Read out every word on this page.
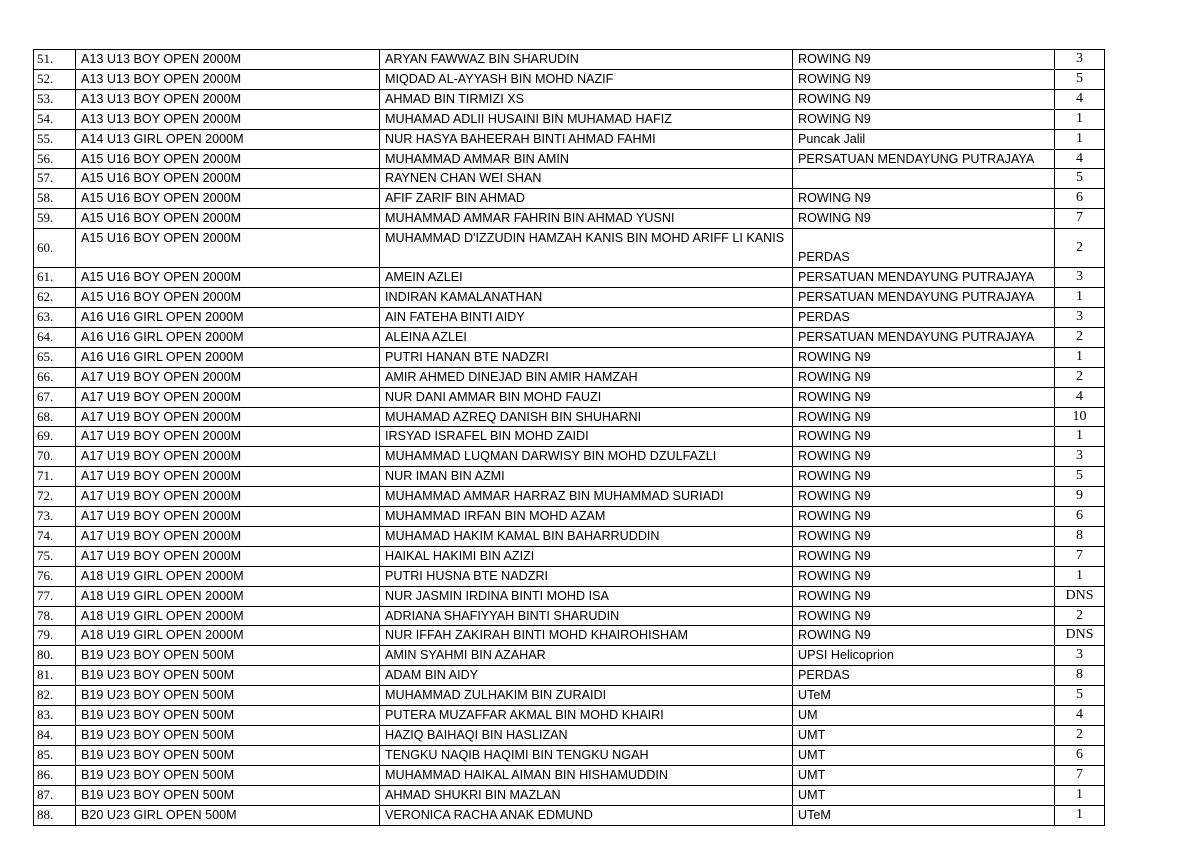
51.	A13 U13 BOY OPEN 2000M	ARYAN FAWWAZ BIN SHARUDIN	ROWING N9	3
52.	A13 U13 BOY OPEN 2000M	MIQDAD AL-AYYASH BIN MOHD NAZIF	ROWING N9	5
53.	A13 U13 BOY OPEN 2000M	AHMAD BIN TIRMIZI XS	ROWING N9	4
54.	A13 U13 BOY OPEN 2000M	MUHAMAD ADLII HUSAINI BIN MUHAMAD HAFIZ	ROWING N9	1
55.	A14 U13 GIRL OPEN 2000M	NUR HASYA BAHEERAH BINTI AHMAD FAHMI	Puncak Jalil	1
56.	A15 U16 BOY OPEN 2000M	MUHAMMAD AMMAR BIN AMIN	PERSATUAN MENDAYUNG PUTRAJAYA	4
57.	A15 U16 BOY OPEN 2000M	RAYNEN CHAN WEI SHAN		5
58.	A15 U16 BOY OPEN 2000M	AFIF ZARIF BIN AHMAD	ROWING N9	6
59.	A15 U16 BOY OPEN 2000M	MUHAMMAD AMMAR FAHRIN BIN AHMAD YUSNI	ROWING N9	7
60.	A15 U16 BOY OPEN 2000M	MUHAMMAD D'IZZUDIN HAMZAH KANIS BIN MOHD ARIFF LI KANIS	PERDAS	2
61.	A15 U16 BOY OPEN 2000M	AMEIN AZLEI	PERSATUAN MENDAYUNG PUTRAJAYA	3
62.	A15 U16 BOY OPEN 2000M	INDIRAN KAMALANATHAN	PERSATUAN MENDAYUNG PUTRAJAYA	1
63.	A16 U16 GIRL OPEN 2000M	AIN FATEHA BINTI AIDY	PERDAS	3
64.	A16 U16 GIRL OPEN 2000M	ALEINA AZLEI	PERSATUAN MENDAYUNG PUTRAJAYA	2
65.	A16 U16 GIRL OPEN 2000M	PUTRI HANAN BTE NADZRI	ROWING N9	1
66.	A17 U19 BOY OPEN 2000M	AMIR AHMED DINEJAD BIN AMIR HAMZAH	ROWING N9	2
67.	A17 U19 BOY OPEN 2000M	NUR DANI AMMAR BIN MOHD FAUZI	ROWING N9	4
68.	A17 U19 BOY OPEN 2000M	MUHAMAD AZREQ DANISH BIN SHUHARNI	ROWING N9	10
69.	A17 U19 BOY OPEN 2000M	IRSYAD ISRAFEL BIN MOHD ZAIDI	ROWING N9	1
70.	A17 U19 BOY OPEN 2000M	MUHAMMAD LUQMAN DARWISY BIN MOHD DZULFAZLI	ROWING N9	3
71.	A17 U19 BOY OPEN 2000M	NUR IMAN BIN AZMI	ROWING N9	5
72.	A17 U19 BOY OPEN 2000M	MUHAMMAD AMMAR HARRAZ BIN MUHAMMAD SURIADI	ROWING N9	9
73.	A17 U19 BOY OPEN 2000M	MUHAMMAD IRFAN BIN MOHD AZAM	ROWING N9	6
74.	A17 U19 BOY OPEN 2000M	MUHAMAD HAKIM KAMAL BIN BAHARRUDDIN	ROWING N9	8
75.	A17 U19 BOY OPEN 2000M	HAIKAL HAKIMI BIN AZIZI	ROWING N9	7
76.	A18 U19 GIRL OPEN 2000M	PUTRI HUSNA BTE NADZRI	ROWING N9	1
77.	A18 U19 GIRL OPEN 2000M	NUR JASMIN IRDINA BINTI MOHD ISA	ROWING N9	DNS
78.	A18 U19 GIRL OPEN 2000M	ADRIANA SHAFIYYAH BINTI SHARUDIN	ROWING N9	2
79.	A18 U19 GIRL OPEN 2000M	NUR IFFAH ZAKIRAH BINTI MOHD KHAIROHISHAM	ROWING N9	DNS
80.	B19 U23 BOY OPEN 500M	AMIN SYAHMI BIN AZAHAR	UPSI Helicoprion	3
81.	B19 U23 BOY OPEN 500M	ADAM BIN AIDY	PERDAS	8
82.	B19 U23 BOY OPEN 500M	MUHAMMAD ZULHAKIM BIN ZURAIDI	UTeM	5
83.	B19 U23 BOY OPEN 500M	PUTERA MUZAFFAR AKMAL BIN MOHD KHAIRI	UM	4
84.	B19 U23 BOY OPEN 500M	HAZIQ BAIHAQI BIN HASLIZAN	UMT	2
85.	B19 U23 BOY OPEN 500M	TENGKU NAQIB HAQIMI BIN TENGKU NGAH	UMT	6
86.	B19 U23 BOY OPEN 500M	MUHAMMAD HAIKAL AIMAN BIN HISHAMUDDIN	UMT	7
87.	B19 U23 BOY OPEN 500M	AHMAD SHUKRI BIN MAZLAN	UMT	1
88.	B20 U23 GIRL OPEN 500M	VERONICA RACHA ANAK EDMUND	UTeM	1
